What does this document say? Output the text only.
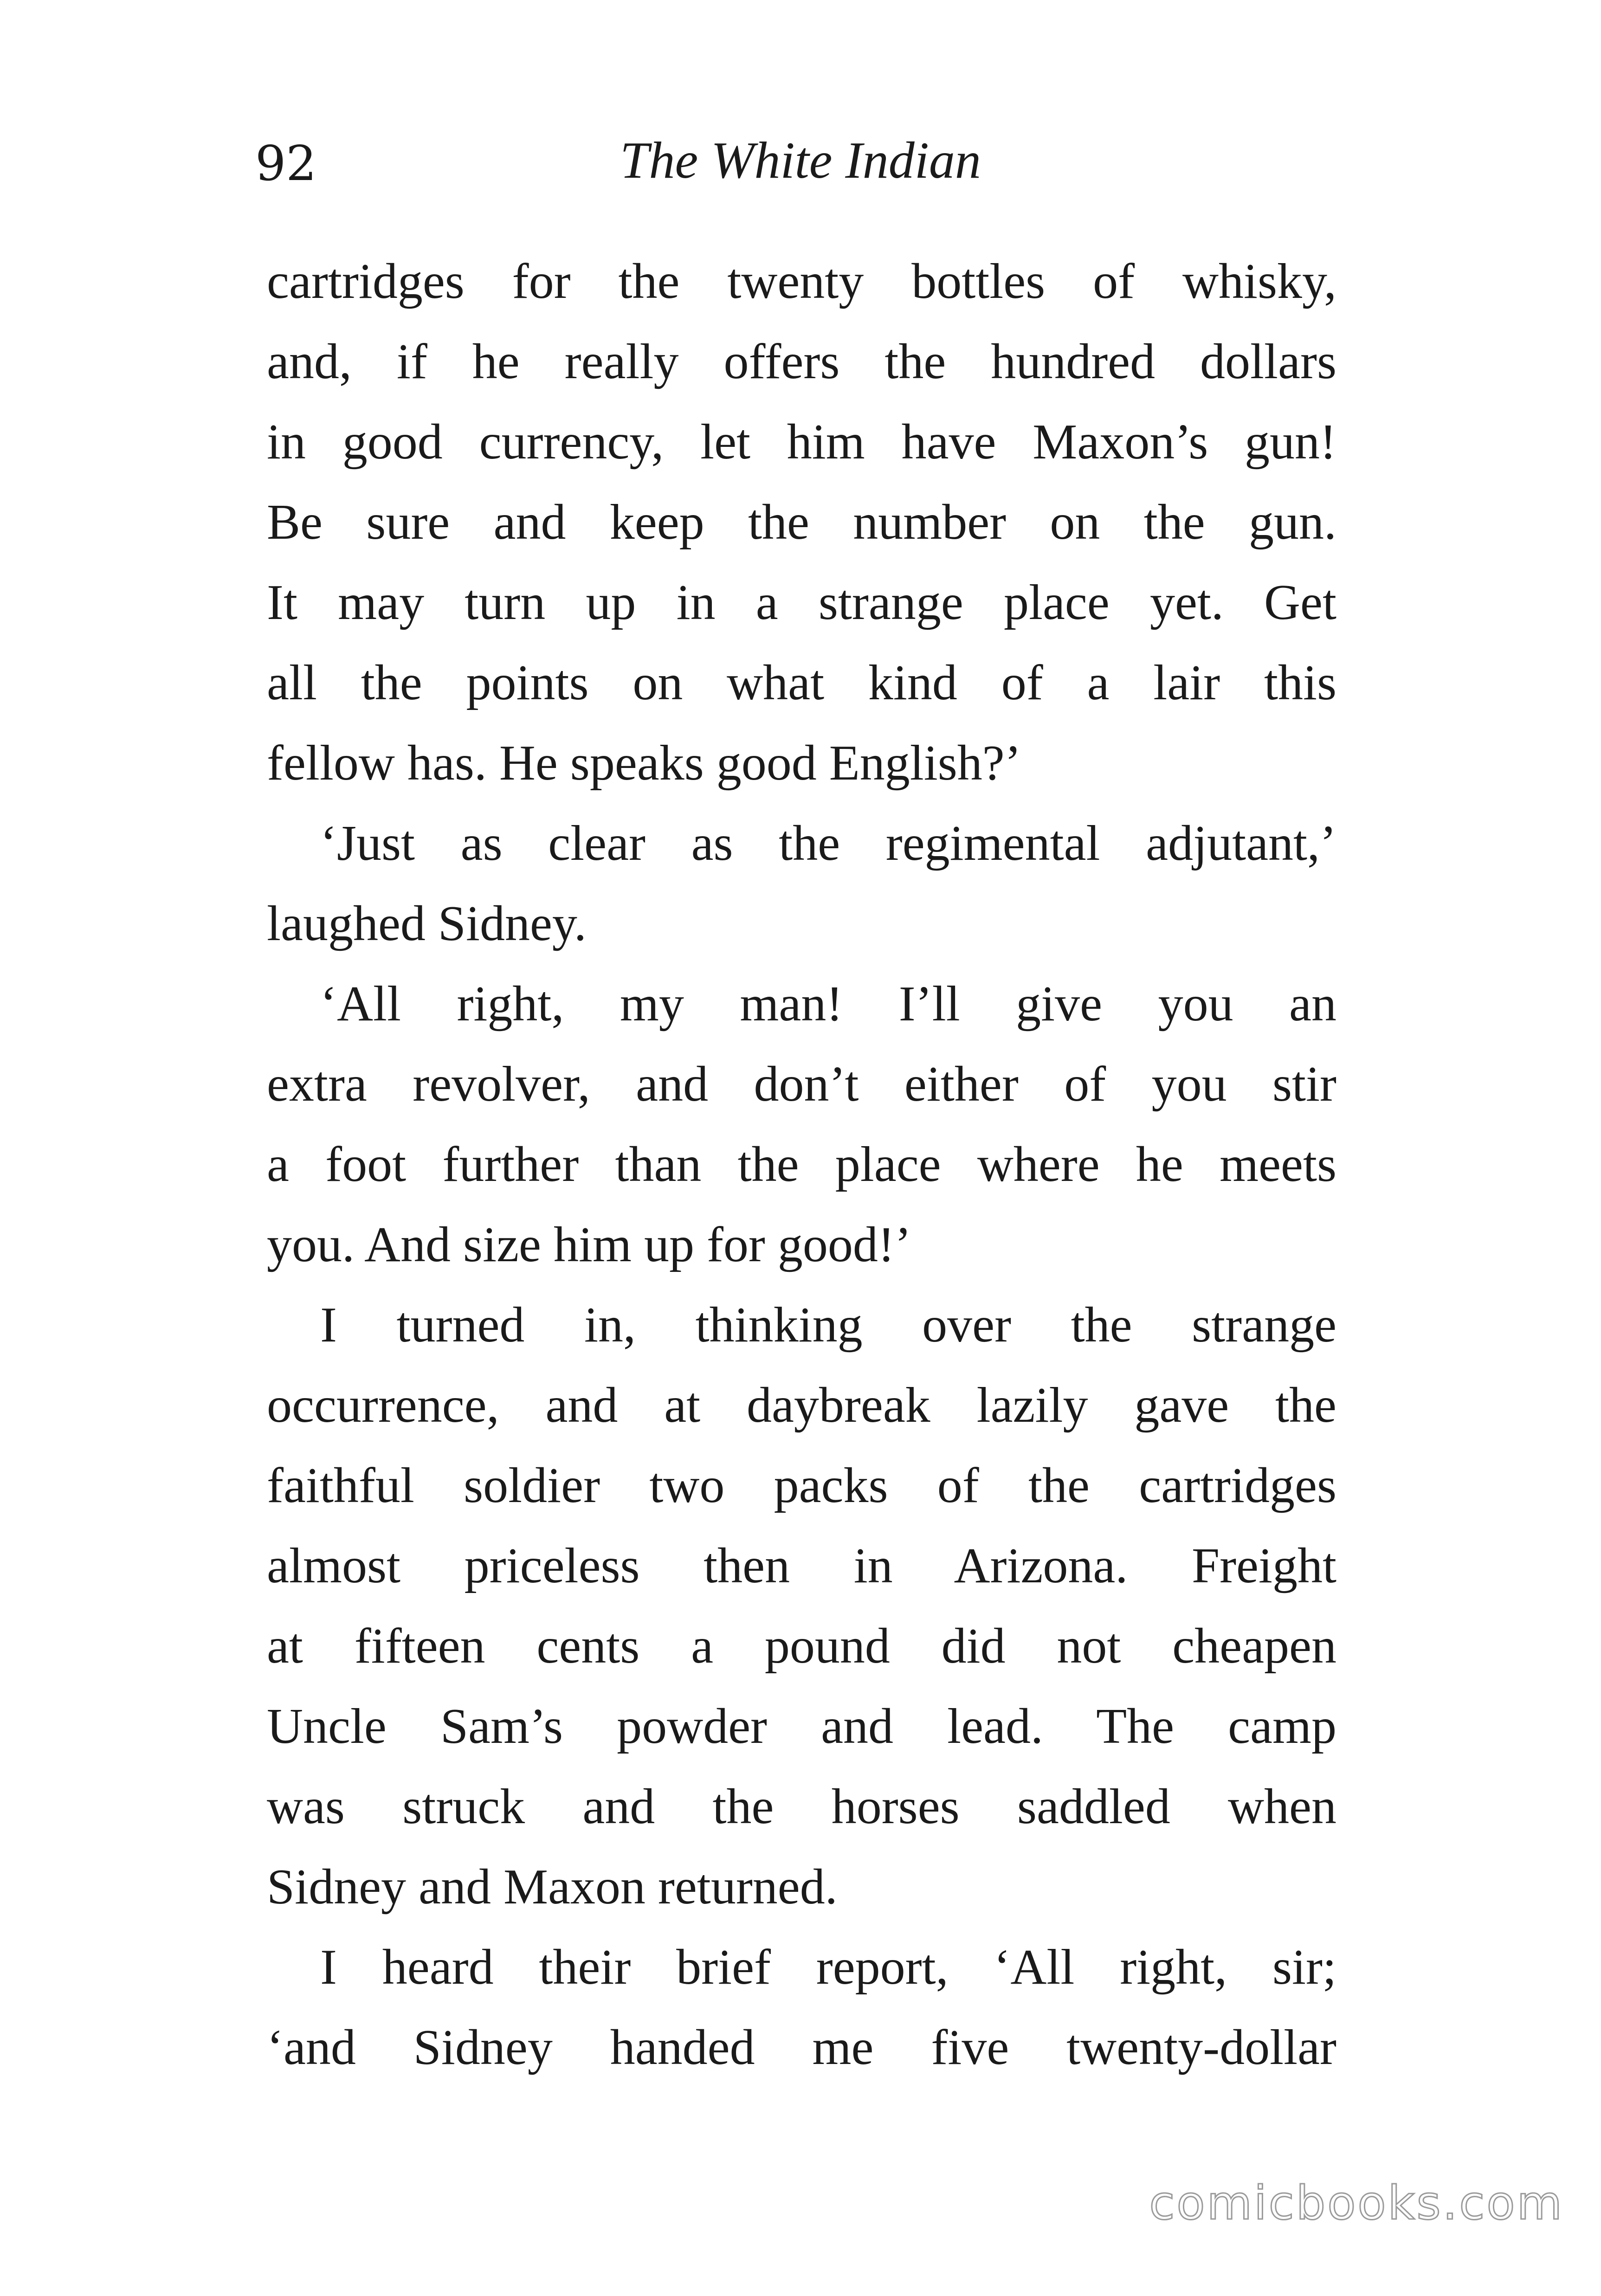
92	The White Indian
cartridges for the twenty bottles of whisky,
and, if he really offers the hundred dollars
in good currency, let him have Maxon’s gun!
Be sure and keep the number on the gun.
It may turn up in a strange place yet. Get
all the points on what kind of a lair this
fellow has. He speaks good English?’
‘Just as clear as the regimental adjutant,’
laughed Sidney.
‘All right, my man! I’ll give you an
extra revolver, and don’t either of you stir
a foot further than the place where he meets
you. And size him up for good!’
I turned in, thinking over the strange
occurrence, and at daybreak lazily gave the
faithful soldier two packs of the cartridges
almost priceless then in Arizona. Freight
at fifteen cents a pound did not cheapen
Uncle Sam’s powder and lead. The camp
was struck and the horses saddled when
Sidney and Maxon returned.
I heard their brief report, ‘All right, sir;
‘and Sidney handed me five twenty-dollar
comicbooks.com
